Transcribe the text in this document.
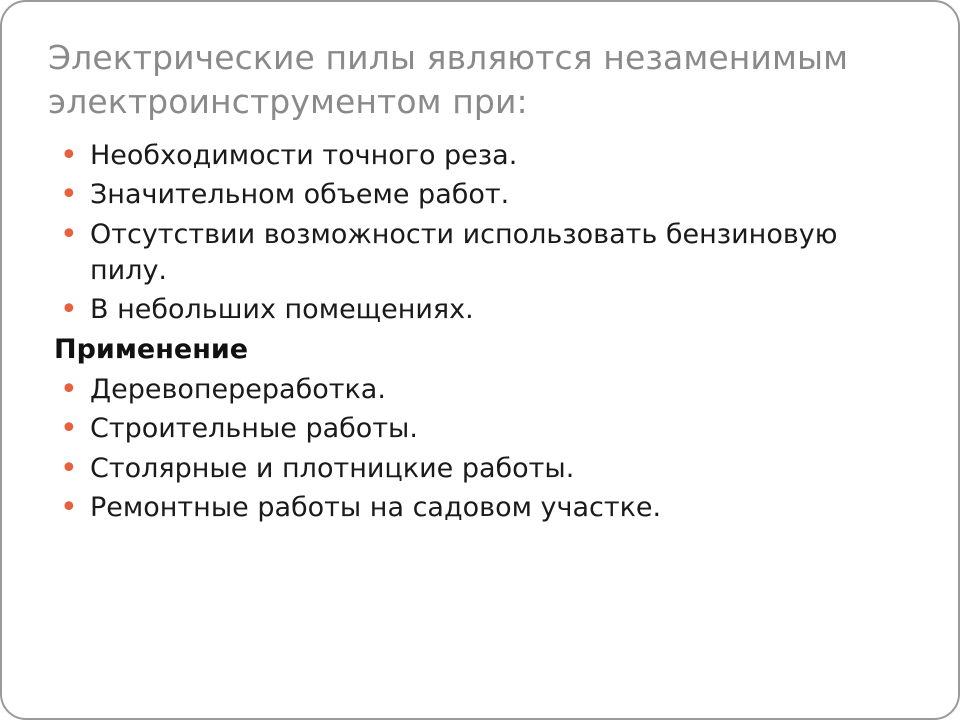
Электрические пилы являются незаменимым электроинструментом при:
• Необходимости точного реза.
• Значительном объеме работ.
• Отсутствии возможности использовать бензиновую пилу.
• В небольших помещениях.
Применение
• Деревопереработка.
• Строительные работы.
• Столярные и плотницкие работы.
• Ремонтные работы на садовом участке.
